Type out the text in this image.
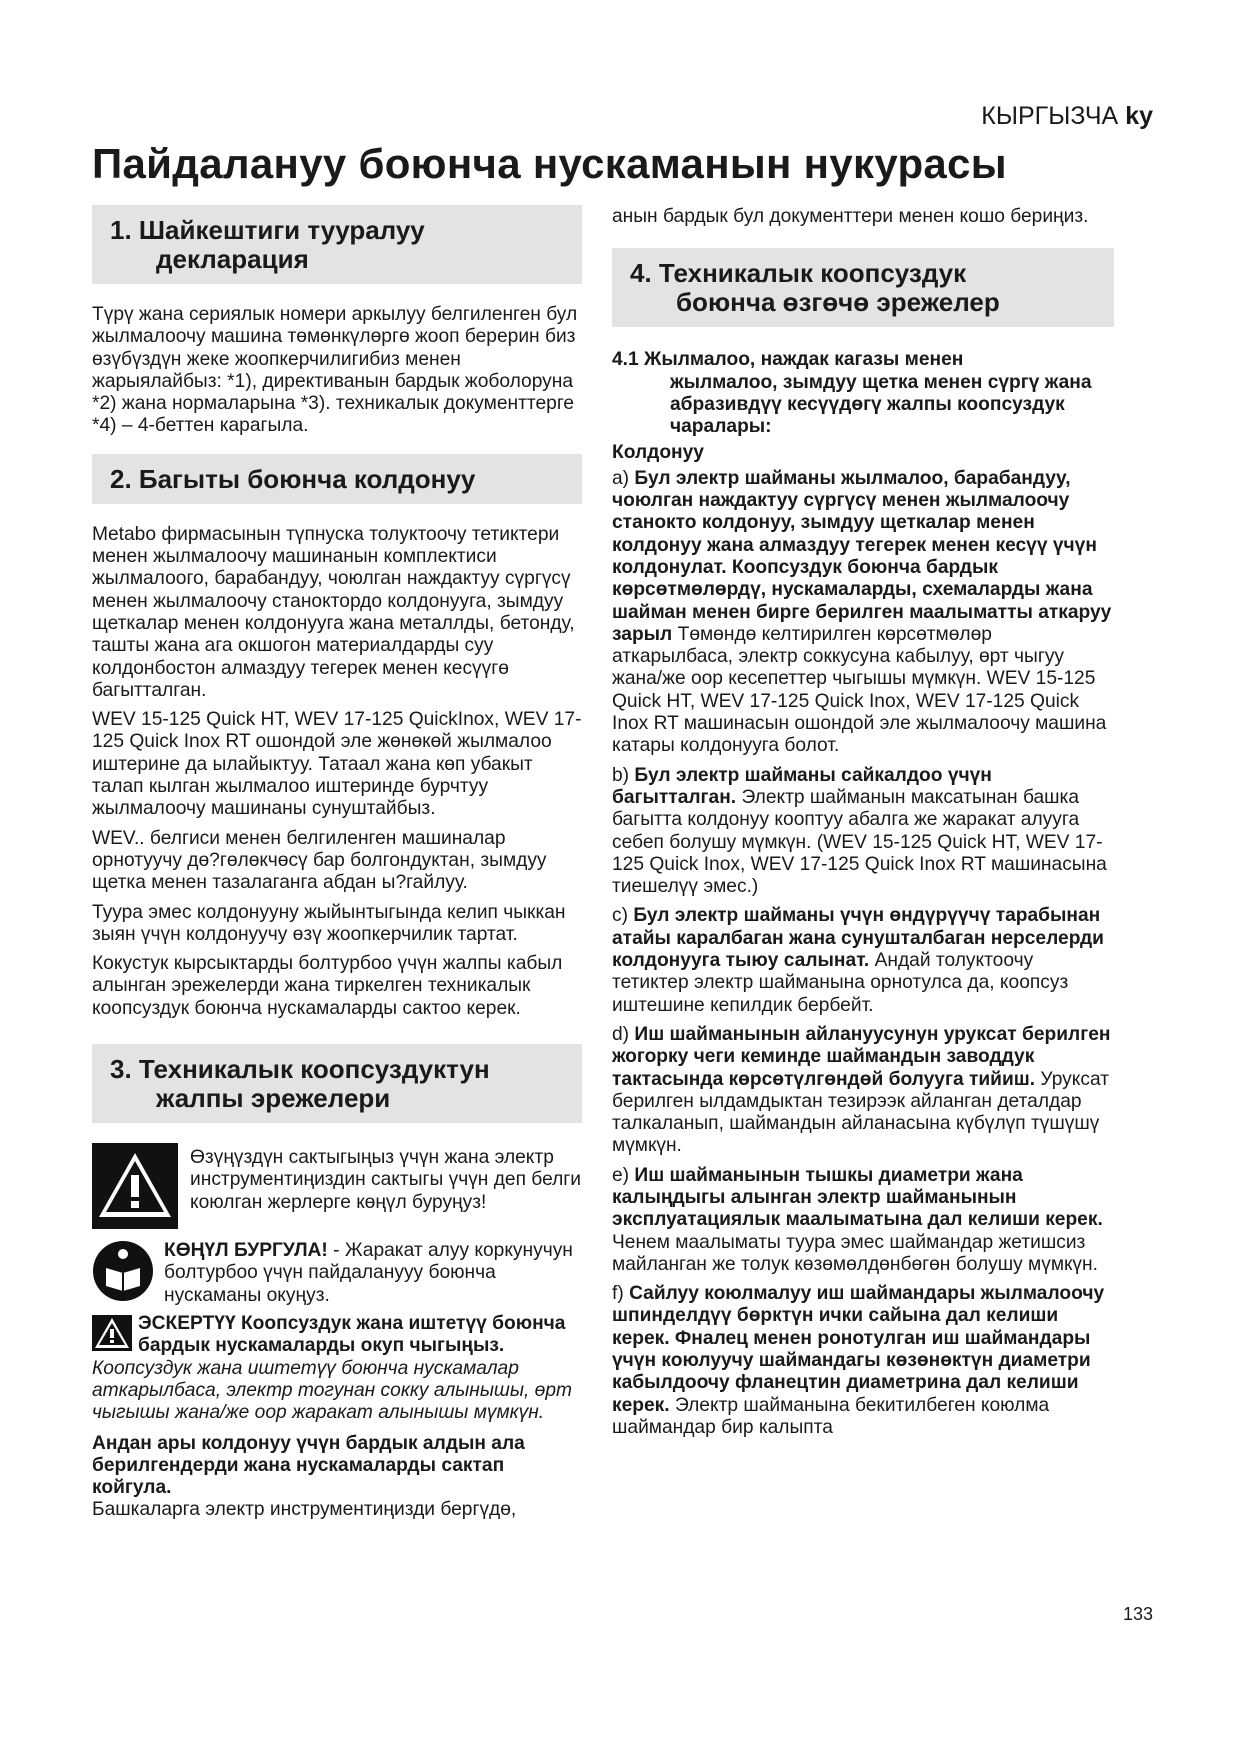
КЫРГЫЗЧА ky
Пайдалануу боюнча нускаманын нукурасы
1. Шайкештиги тууралуу
декларация

Түрү жана сериялык номери аркылуу белгиленген бул жылмалоочу машина төмөнкүлөргө жооп берерин биз өзүбүздүн жеке жоопкерчилигибиз менен жарыялайбыз: *1), директиванын бардык жоболоруна *2) жана нормаларына *3). техникалык документтерге *4) – 4-беттен карагыла.

2. Багыты боюнча колдонуу

Metabo фирмасынын түпнуска толуктоочу тетиктери менен жылмалоочу машинанын комплектиси жылмалоого, барабандуу, чоюлган наждактуу сүргүсү менен жылмалоочу станоктордо колдонууга, зымдуу щеткалар менен колдонууга жана металлды, бетонду, ташты жана ага окшогон материалдарды суу колдонбостон алмаздуу тегерек менен кесүүгө багытталган.

WEV 15-125 Quick HT, WEV 17-125 QuickInox, WEV 17-125 Quick Inox RT ошондой эле жөнөкөй жылмалоо иштерине да ылайыктуу. Татаал жана көп убакыт талап кылган жылмалоо иштеринде бурчтуу жылмалоочу машинаны сунуштайбыз.

WEV.. белгиси менен белгиленген машиналар орнотуучу дө?гөлөкчөсү бар болгондуктан, зымдуу щетка менен тазалаганга абдан ы?гайлуу.

Туура эмес колдонууну жыйынтыгында келип чыккан зыян үчүн колдонуучу өзү жоопкерчилик тартат.

Кокустук кырсыктарды болтурбоо үчүн жалпы кабыл алынган эрежелерди жана тиркелген техникалык коопсуздук боюнча нускамаларды сактоо керек.

3. Техникалык коопсуздуктун
жалпы эрежелери

Өзүңүздүн сактыгыңыз үчүн жана электр инструментиңиздин сактыгы үчүн деп белги коюлган жерлерге көңүл буруңуз!

КӨҢҮЛ БУРГУЛА! - Жаракат алуу коркунучун болтурбоо үчүн пайдаланууу боюнча нускаманы окуңуз.

ЭСКЕРТҮҮ Коопсуздук жана иштетүү боюнча бардык нускамаларды окуп чыгыңыз. Коопсуздук жана иштетүү боюнча нускамалар аткарылбаса, электр тогунан сокку алынышы, өрт чыгышы жана/же оор жаракат алынышы мүмкүн.

Андан ары колдонуу үчүн бардык алдын ала берилгендерди жана нускамаларды сактап койгула.

Башкаларга электр инструментиңизди бергүдө,

анын бардык бул документтери менен кошо бериңиз.

4. Техникалык коопсуздук
боюнча өзгөчө эрежелер
4.1 Жылмалоо, наждак кагазы менен
жылмалоо, зымдуу щетка менен сүргү жана абразивдүү кесүүдөгү жалпы коопсуздук чаралары:

Колдонуу

a) Бул электр шайманы жылмалоо, барабандуу, чоюлган наждактуу сүргүсү менен жылмалоочу станокто колдонуу, зымдуу щеткалар менен колдонуу жана алмаздуу тегерек менен кесүү үчүн колдонулат. Коопсуздук боюнча бардык көрсөтмөлөрдү, нускамаларды, схемаларды жана шайман менен бирге берилген маалыматты аткаруу зарыл Төмөндө келтирилген көрсөтмөлөр аткарылбаса, электр соккусуна кабылуу, өрт чыгуу жана/же оор кесепеттер чыгышы мүмкүн. WEV 15-125 Quick HT, WEV 17-125 Quick Inox, WEV 17-125 Quick Inox RT машинасын ошондой эле жылмалоочу машина катары колдонууга болот.

b) Бул электр шайманы сайкалдоо үчүн багытталган. Электр шайманын максатынан башка багытта колдонуу кооптуу абалга же жаракат алууга себеп болушу мүмкүн. (WEV 15-125 Quick HT, WEV 17-125 Quick Inox, WEV 17-125 Quick Inox RT машинасына тиешелүү эмес.)

c) Бул электр шайманы үчүн өндүрүүчү тарабынан атайы каралбаган жана сунушталбаган нерселерди колдонууга тыюу салынат. Андай толуктоочу тетиктер электр шайманына орнотулса да, коопсуз иштешине кепилдик бербейт.

d) Иш шайманынын айлануусунун уруксат берилген жогорку чеги кеминде шаймандын заводдук тактасында көрсөтүлгөндөй болууга тийиш. Уруксат берилген ылдамдыктан тезирээк айланган деталдар талкаланып, шаймандын айланасына күбүлүп түшүшү мүмкүн.

e) Иш шайманынын тышкы диаметри жана калыңдыгы алынган электр шайманынын эксплуатациялык маалыматына дал келиши керек. Ченем маалыматы туура эмес шаймандар жетишсиз майланган же толук көзөмөлдөнбөгөн болушу мүмкүн.

f) Сайлуу коюлмалуу иш шаймандары жылмалоочу шпинделдүү бөрктүн ички сайына дал келиши керек. Фналец менен ронотулган иш шаймандары үчүн коюлуучу шаймандагы көзөнөктүн диаметри кабылдоочу фланецтин диаметрина дал келиши керек. Электр шайманына бекитилбеген коюлма шаймандар бир калыпта

133
